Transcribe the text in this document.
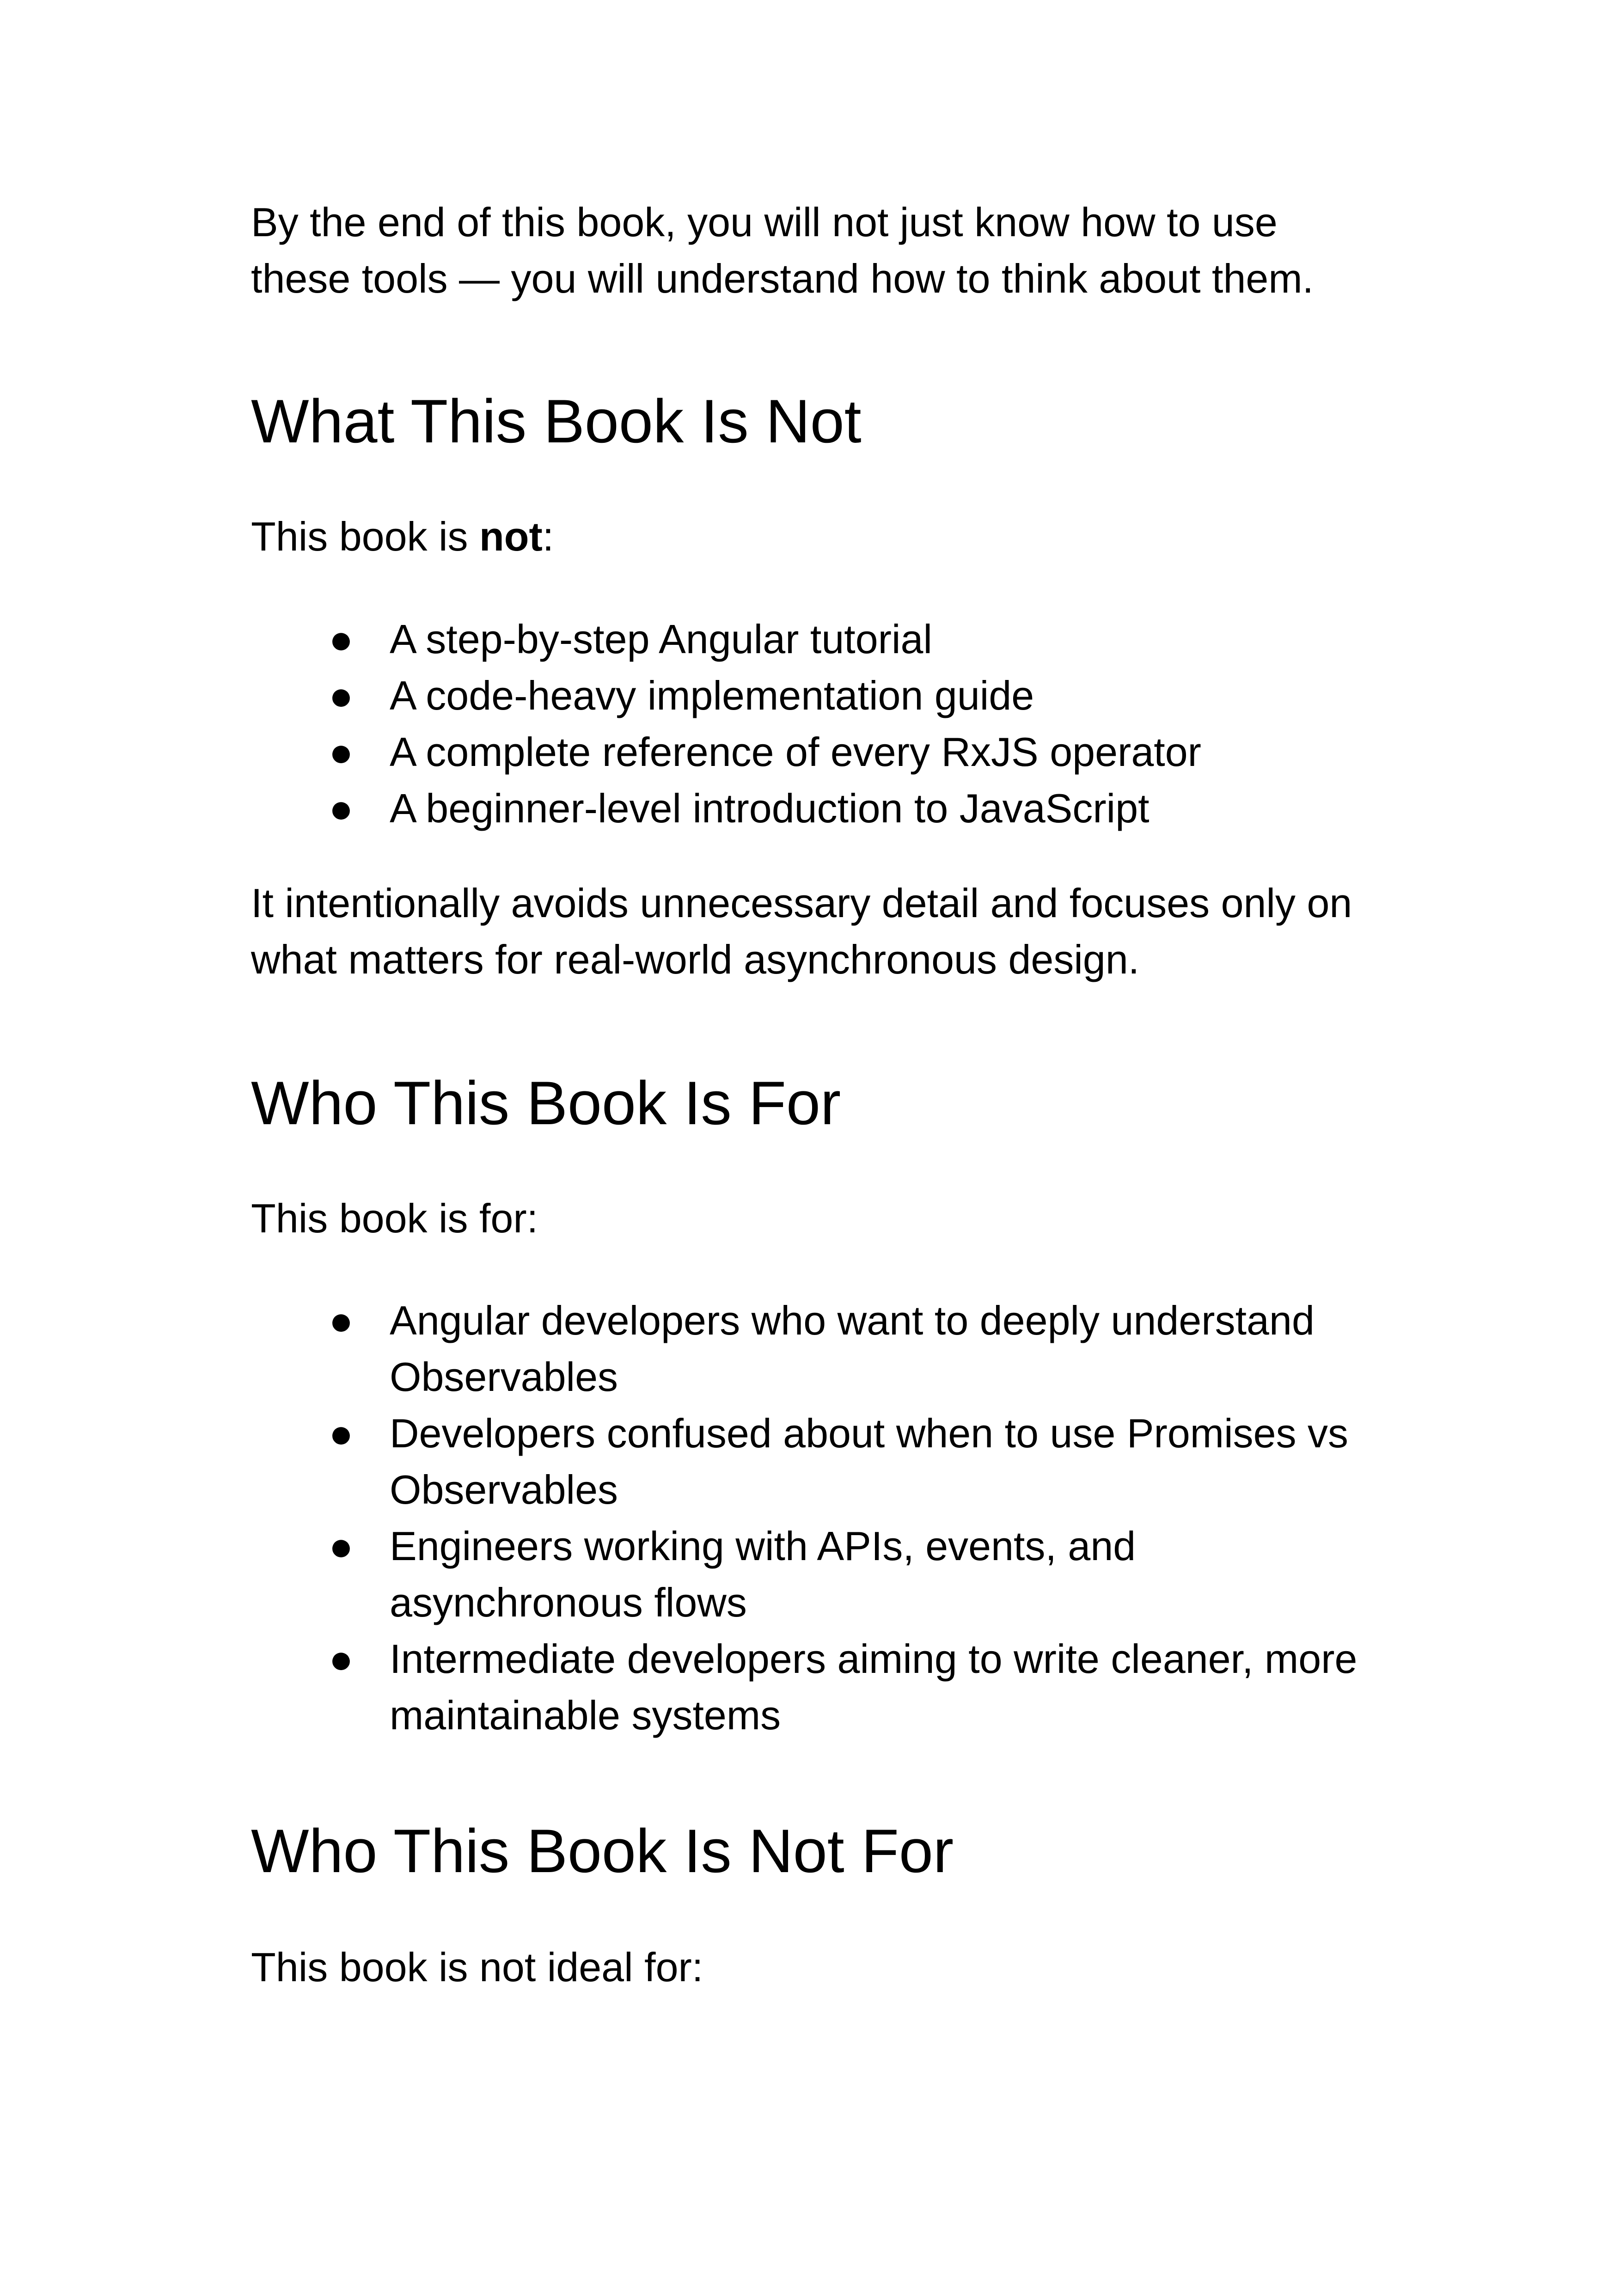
By the end of this book, you will not just know how to use
these tools — you will understand how to think about them.

What This Book Is Not

This book is not:

● A step-by-step Angular tutorial
● A code-heavy implementation guide
● A complete reference of every RxJS operator
● A beginner-level introduction to JavaScript

It intentionally avoids unnecessary detail and focuses only on
what matters for real-world asynchronous design.

Who This Book Is For

This book is for:

● Angular developers who want to deeply understand
Observables
● Developers confused about when to use Promises vs
Observables
● Engineers working with APIs, events, and
asynchronous flows
● Intermediate developers aiming to write cleaner, more
maintainable systems
Who This Book Is Not For

This book is not ideal for:
